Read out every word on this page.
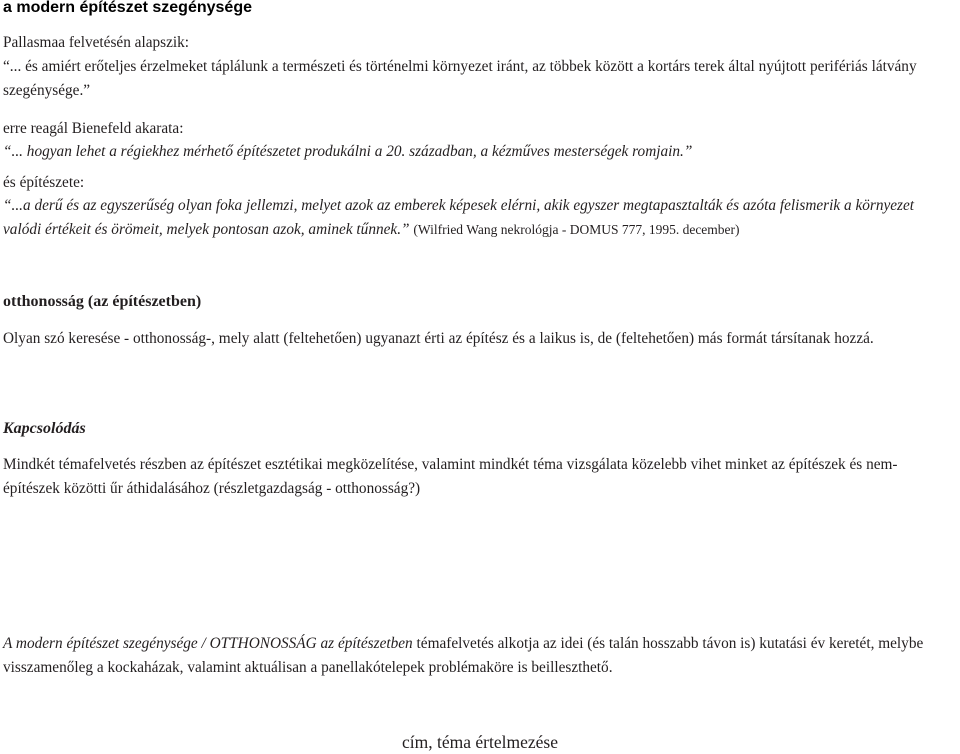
a modern építészet szegénysége

Pallasmaa felvetésén alapszik:

“... és amiért erőteljes érzelmeket táplálunk a természeti és történelmi környezet iránt, az többek között a kortárs terek által nyújtott perifériás látvány szegénysége.”

erre reagál Bienefeld akarata:

“... hogyan lehet a régiekhez mérhető építészetet produkálni a 20. században, a kézműves mesterségek romjain.”

és építészete:

“...a derű és az egyszerűség olyan foka jellemzi, melyet azok az emberek képesek elérni, akik egyszer megtapasztalták és azóta felismerik a környezet valódi értékeit és örömeit, melyek pontosan azok, aminek tűnnek.” (Wilfried Wang nekrológja - DOMUS 777, 1995. december)

otthonosság (az építészetben)

Olyan szó keresése - otthonosság-, mely alatt (feltehetően) ugyanazt érti az építész és a laikus is, de (feltehetően) más formát társítanak hozzá.

Kapcsolódás

Mindkét témafelvetés részben az építészet esztétikai megközelítése, valamint mindkét téma vizsgálata közelebb vihet minket az építészek és nem-építészek közötti űr áthidalásához (részletgazdagság - otthonosság?)

A modern építészet szegénysége / OTTHONOSSÁG az építészetben témafelvetés alkotja az idei (és talán hosszabb távon is) kutatási év keretét, melybe visszamenőleg a kockaházak, valamint aktuálisan a panellakótelepek problémaköre is beilleszthető.

cím, téma értelmezése
